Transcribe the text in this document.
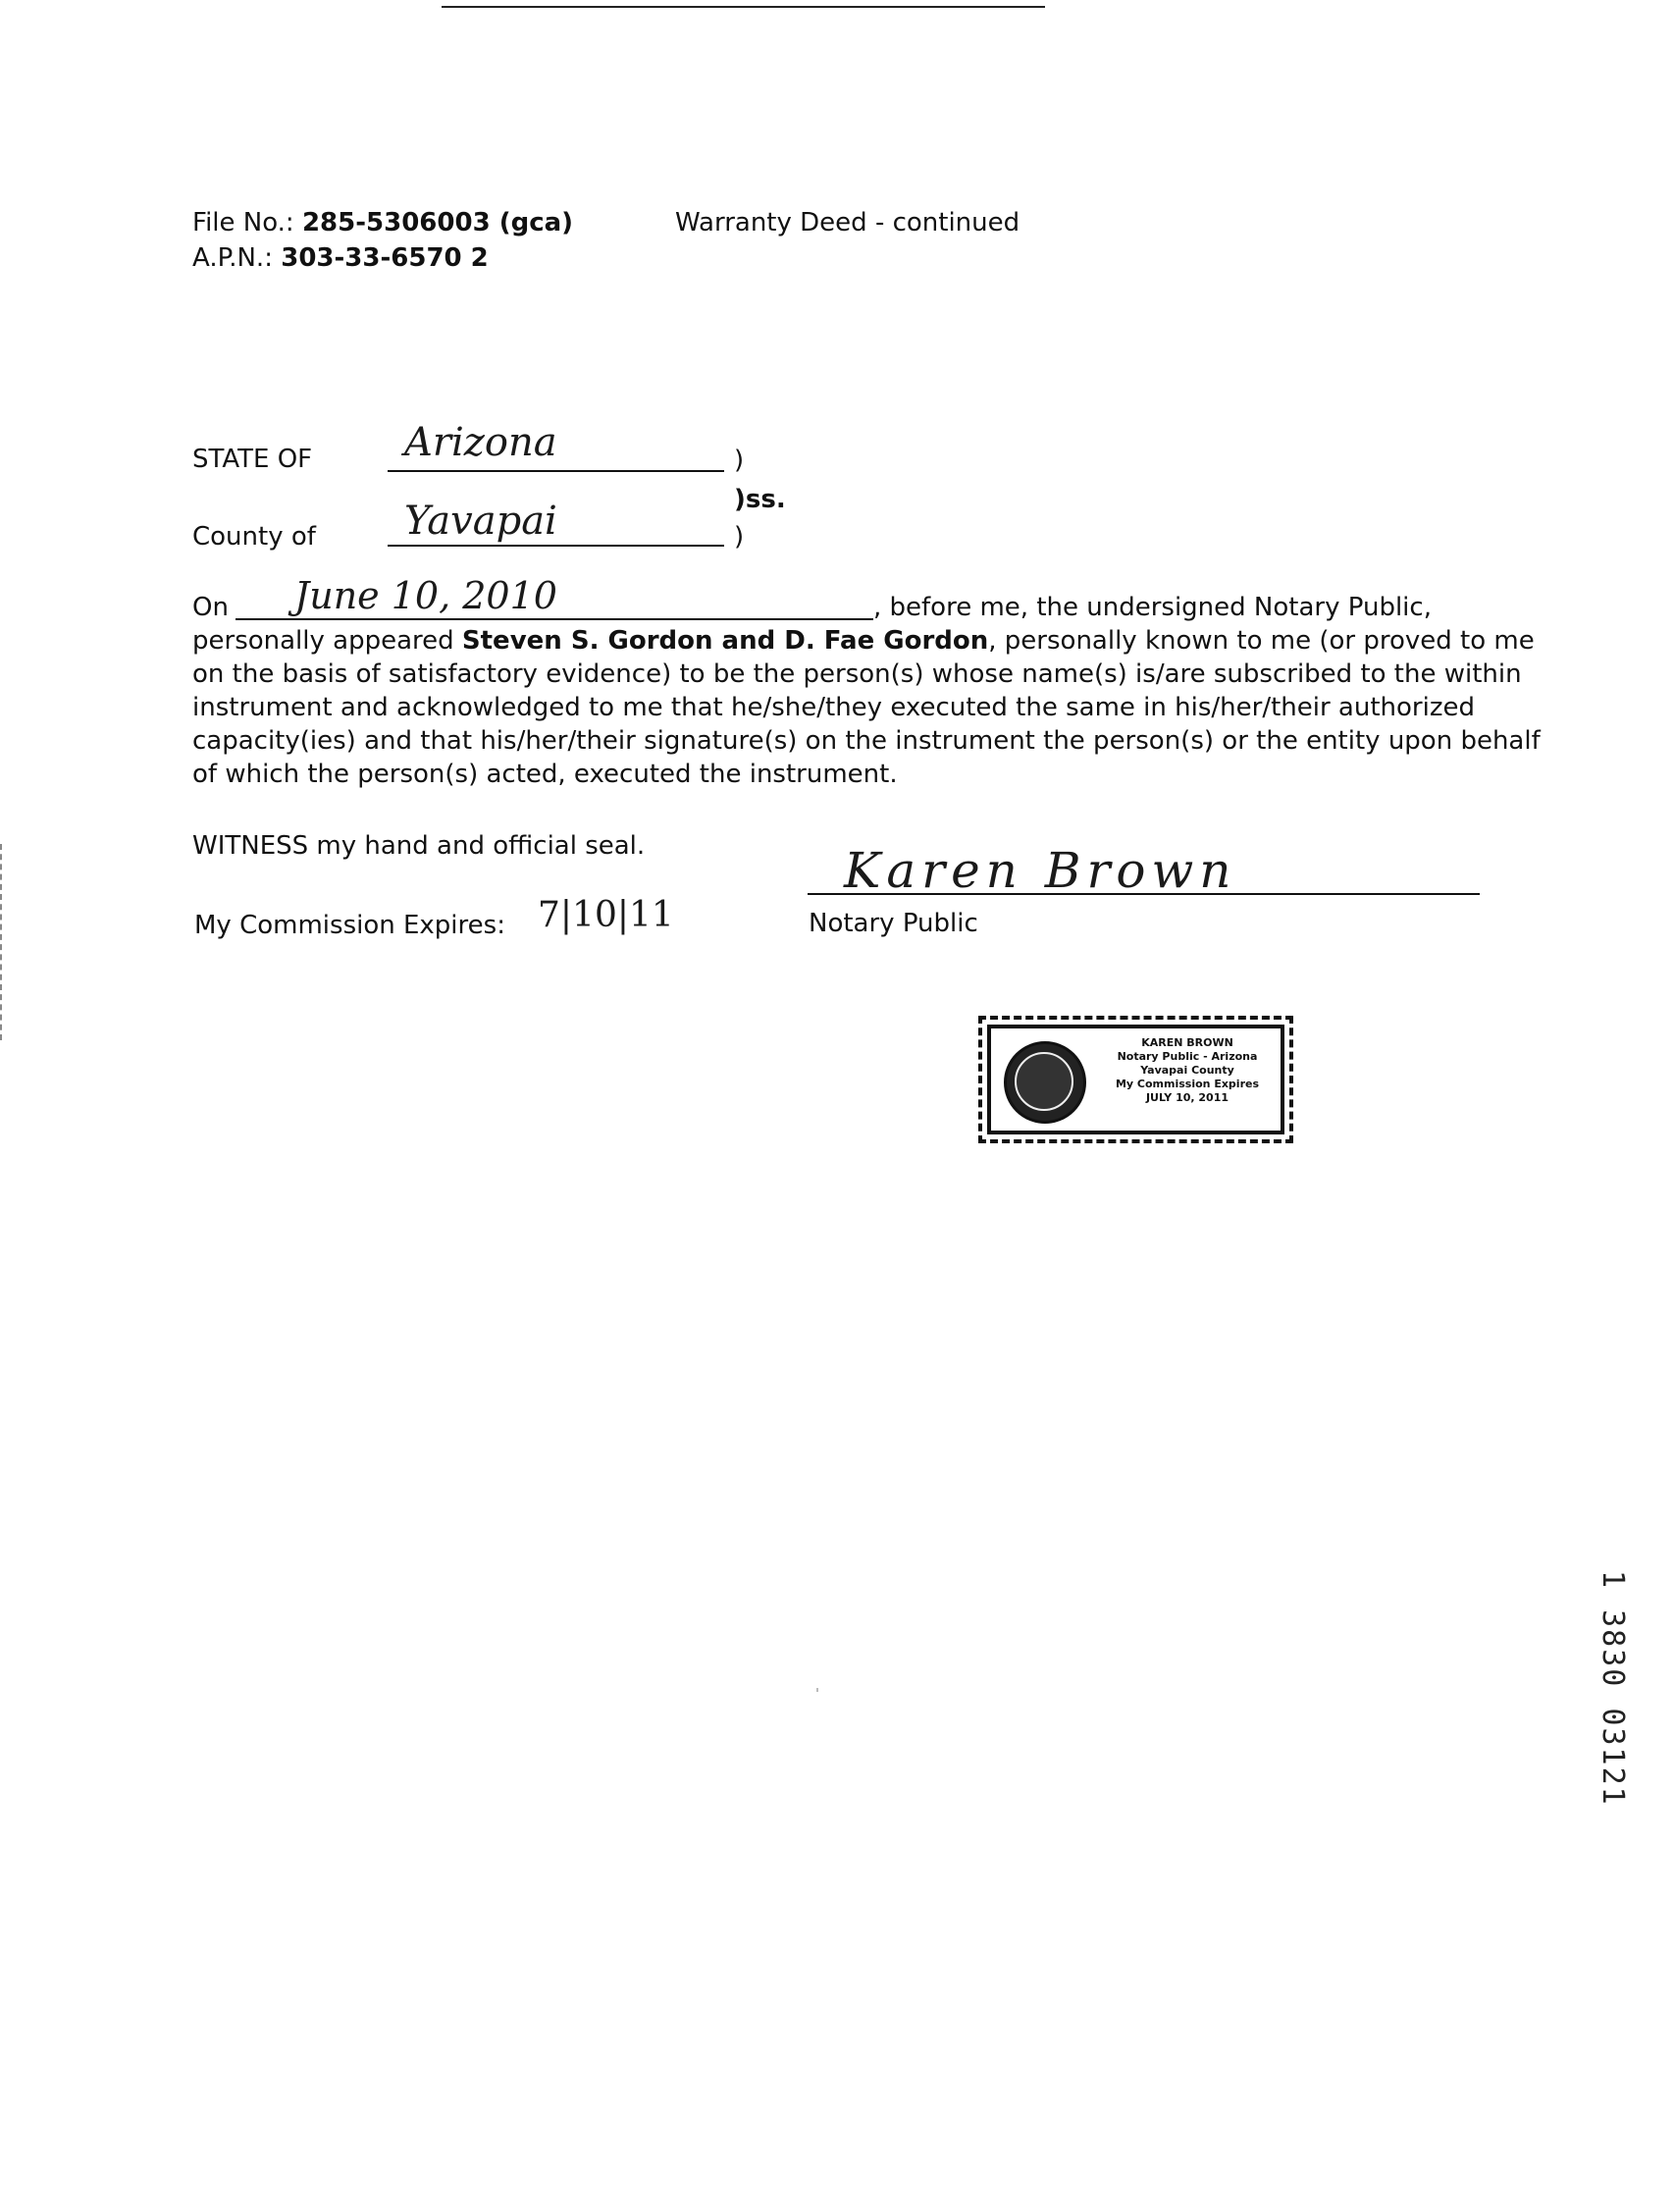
File No.: 285-5306003 (gca)
A.P.N.: 303-33-6570 2
Warranty Deed - continued
STATE OF Arizona	)
)ss.
County of Yavapai	)
On June 10, 2010	, before me, the undersigned Notary Public,
personally appeared Steven S. Gordon and D. Fae Gordon, personally known to me (or proved to me
on the basis of satisfactory evidence) to be the person(s) whose name(s) is/are subscribed to the within
instrument and acknowledged to me that he/she/they executed the same in his/her/their authorized
capacity(ies) and that his/her/their signature(s) on the instrument the person(s) or the entity upon behalf
of which the person(s) acted, executed the instrument.
WITNESS my hand and official seal.
My Commission Expires: 7|10|11
Karen Brown
Notary Public
KAREN BROWN
Notary Public - Arizona
Yavapai County
My Commission Expires
JULY 10, 2011
1 3830 03121
